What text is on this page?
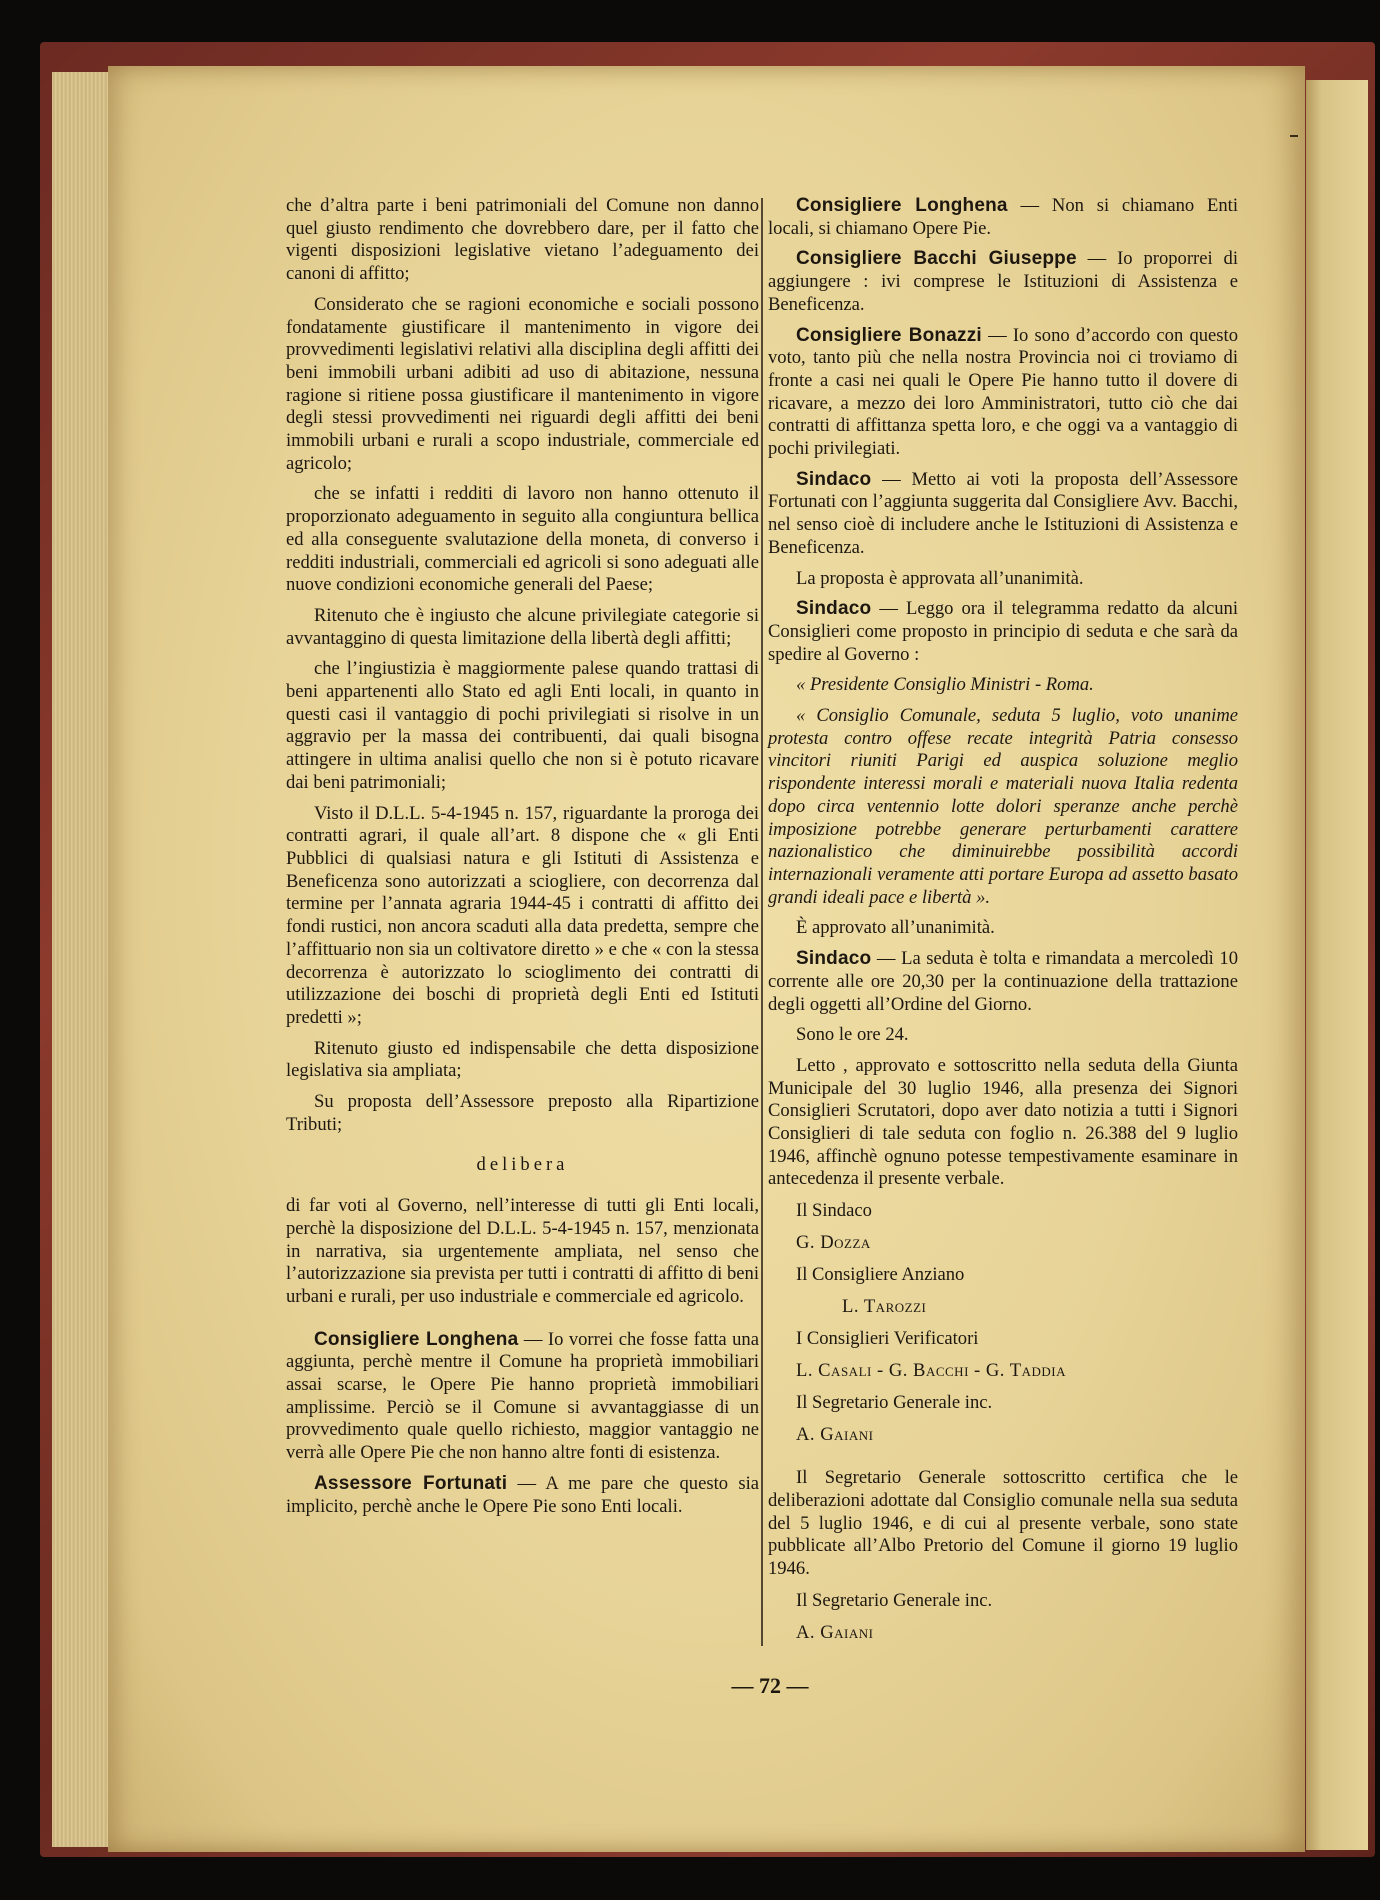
che d’altra parte i beni patrimoniali del Comune non danno quel giusto rendimento che dovrebbero dare, per il fatto che vigenti disposizioni legislative vietano l’adeguamento dei canoni di affitto;

Considerato che se ragioni economiche e sociali possono fondatamente giustificare il mantenimento in vigore dei provvedimenti legislativi relativi alla disciplina degli affitti dei beni immobili urbani adibiti ad uso di abitazione, nessuna ragione si ritiene possa giustificare il mantenimento in vigore degli stessi provvedimenti nei riguardi degli affitti dei beni immobili urbani e rurali a scopo industriale, commerciale ed agricolo;

che se infatti i redditi di lavoro non hanno ottenuto il proporzionato adeguamento in seguito alla congiuntura bellica ed alla conseguente svalutazione della moneta, di converso i redditi industriali, commerciali ed agricoli si sono adeguati alle nuove condizioni economiche generali del Paese;

Ritenuto che è ingiusto che alcune privilegiate categorie si avvantaggino di questa limitazione della libertà degli affitti;

che l’ingiustizia è maggiormente palese quando trattasi di beni appartenenti allo Stato ed agli Enti locali, in quanto in questi casi il vantaggio di pochi privilegiati si risolve in un aggravio per la massa dei contribuenti, dai quali bisogna attingere in ultima analisi quello che non si è potuto ricavare dai beni patrimoniali;

Visto il D.L.L. 5-4-1945 n. 157, riguardante la proroga dei contratti agrari, il quale all’art. 8 dispone che « gli Enti Pubblici di qualsiasi natura e gli Istituti di Assistenza e Beneficenza sono autorizzati a sciogliere, con decorrenza dal termine per l’annata agraria 1944-45 i contratti di affitto dei fondi rustici, non ancora scaduti alla data predetta, sempre che l’affittuario non sia un coltivatore diretto » e che « con la stessa decorrenza è autorizzato lo scioglimento dei contratti di utilizzazione dei boschi di proprietà degli Enti ed Istituti predetti »;

Ritenuto giusto ed indispensabile che detta disposizione legislativa sia ampliata;

Su proposta dell’Assessore preposto alla Ripartizione Tributi;

delibera

di far voti al Governo, nell’interesse di tutti gli Enti locali, perchè la disposizione del D.L.L. 5-4-1945 n. 157, menzionata in narrativa, sia urgentemente ampliata, nel senso che l’autorizzazione sia prevista per tutti i contratti di affitto di beni urbani e rurali, per uso industriale e commerciale ed agricolo.

Consigliere Longhena — Io vorrei che fosse fatta una aggiunta, perchè mentre il Comune ha proprietà immobiliari assai scarse, le Opere Pie hanno proprietà immobiliari amplissime. Perciò se il Comune si avvantaggiasse di un provvedimento quale quello richiesto, maggior vantaggio ne verrà alle Opere Pie che non hanno altre fonti di esistenza.

Assessore Fortunati — A me pare che questo sia implicito, perchè anche le Opere Pie sono Enti locali.

Consigliere Longhena — Non si chiamano Enti locali, si chiamano Opere Pie.

Consigliere Bacchi Giuseppe — Io proporrei di aggiungere : ivi comprese le Istituzioni di Assistenza e Beneficenza.

Consigliere Bonazzi — Io sono d’accordo con questo voto, tanto più che nella nostra Provincia noi ci troviamo di fronte a casi nei quali le Opere Pie hanno tutto il dovere di ricavare, a mezzo dei loro Amministratori, tutto ciò che dai contratti di affittanza spetta loro, e che oggi va a vantaggio di pochi privilegiati.

Sindaco — Metto ai voti la proposta dell’Assessore Fortunati con l’aggiunta suggerita dal Consigliere Avv. Bacchi, nel senso cioè di includere anche le Istituzioni di Assistenza e Beneficenza.

La proposta è approvata all’unanimità.

Sindaco — Leggo ora il telegramma redatto da alcuni Consiglieri come proposto in principio di seduta e che sarà da spedire al Governo :

« Presidente Consiglio Ministri - Roma.

« Consiglio Comunale, seduta 5 luglio, voto unanime protesta contro offese recate integrità Patria consesso vincitori riuniti Parigi ed auspica soluzione meglio rispondente interessi morali e materiali nuova Italia redenta dopo circa ventennio lotte dolori speranze anche perchè imposizione potrebbe generare perturbamenti carattere nazionalistico che diminuirebbe possibilità accordi internazionali veramente atti portare Europa ad assetto basato grandi ideali pace e libertà ».

È approvato all’unanimità.

Sindaco — La seduta è tolta e rimandata a mercoledì 10 corrente alle ore 20,30 per la continuazione della trattazione degli oggetti all’Ordine del Giorno.

Sono le ore 24.

Letto , approvato e sottoscritto nella seduta della Giunta Municipale del 30 luglio 1946, alla presenza dei Signori Consiglieri Scrutatori, dopo aver dato notizia a tutti i Signori Consiglieri di tale seduta con foglio n. 26.388 del 9 luglio 1946, affinchè ognuno potesse tempestivamente esaminare in antecedenza il presente verbale.

Il Sindaco

G. Dozza

Il Consigliere Anziano

L. Tarozzi

I Consiglieri Verificatori

L. Casali - G. Bacchi - G. Taddia

Il Segretario Generale inc.

A. Gaiani

Il Segretario Generale sottoscritto certifica che le deliberazioni adottate dal Consiglio comunale nella sua seduta del 5 luglio 1946, e di cui al presente verbale, sono state pubblicate all’Albo Pretorio del Comune il giorno 19 luglio 1946.

Il Segretario Generale inc.

A. Gaiani

— 72 —
